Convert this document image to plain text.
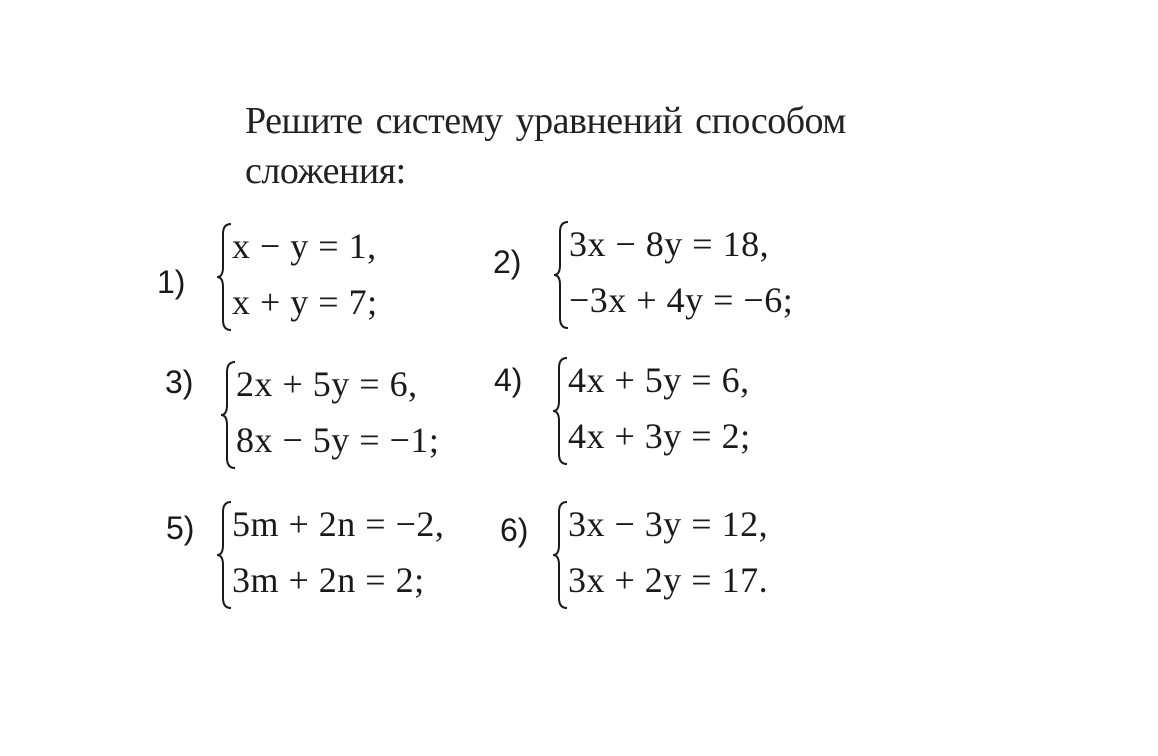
Решите систему уравнений способом
сложения:
1)
x − y = 1,
x + y = 7;
2) 3x − 8y = 18,
−3x + 4y = −6;
3) 2x + 5y = 6,
8x − 5y = −1;
4) 4x + 5y = 6,
4x + 3y = 2;
5) 5m + 2n = −2,
3m + 2n = 2;
6) 3x − 3y = 12,
3x + 2y = 17.
